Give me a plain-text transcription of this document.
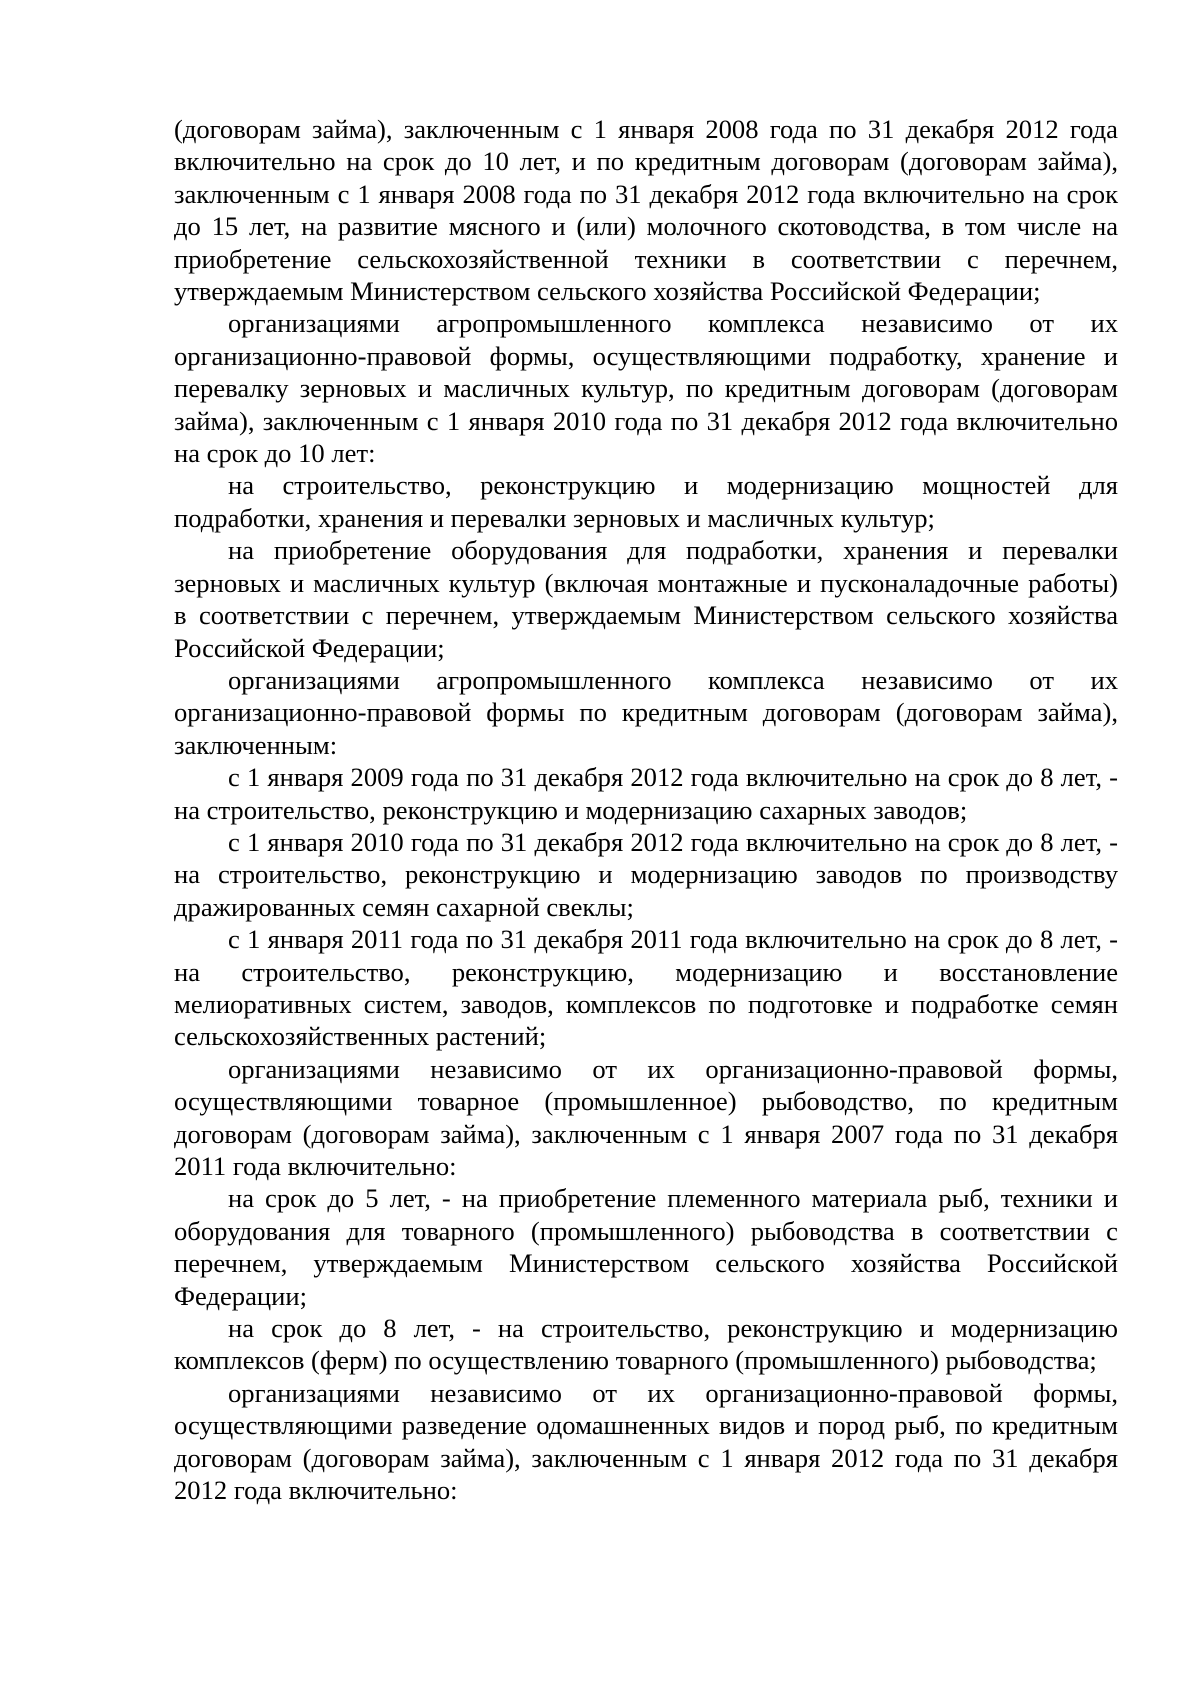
(договорам займа), заключенным с 1 января 2008 года по 31 декабря 2012 года включительно на срок до 10 лет, и по кредитным договорам (договорам займа), заключенным с 1 января 2008 года по 31 декабря 2012 года включительно на срок до 15 лет, на развитие мясного и (или) молочного скотоводства, в том числе на приобретение сельскохозяйственной техники в соответствии с перечнем, утверждаемым Министерством сельского хозяйства Российской Федерации;

организациями агропромышленного комплекса независимо от их организационно-правовой формы, осуществляющими подработку, хранение и перевалку зерновых и масличных культур, по кредитным договорам (договорам займа), заключенным с 1 января 2010 года по 31 декабря 2012 года включительно на срок до 10 лет:

на строительство, реконструкцию и модернизацию мощностей для подработки, хранения и перевалки зерновых и масличных культур;

на приобретение оборудования для подработки, хранения и перевалки зерновых и масличных культур (включая монтажные и пусконаладочные работы) в соответствии с перечнем, утверждаемым Министерством сельского хозяйства Российской Федерации;

организациями агропромышленного комплекса независимо от их организационно-правовой формы по кредитным договорам (договорам займа), заключенным:

с 1 января 2009 года по 31 декабря 2012 года включительно на срок до 8 лет, - на строительство, реконструкцию и модернизацию сахарных заводов;

с 1 января 2010 года по 31 декабря 2012 года включительно на срок до 8 лет, - на строительство, реконструкцию и модернизацию заводов по производству дражированных семян сахарной свеклы;

с 1 января 2011 года по 31 декабря 2011 года включительно на срок до 8 лет, - на строительство, реконструкцию, модернизацию и восстановление мелиоративных систем, заводов, комплексов по подготовке и подработке семян сельскохозяйственных растений;

организациями независимо от их организационно-правовой формы, осуществляющими товарное (промышленное) рыбоводство, по кредитным договорам (договорам займа), заключенным с 1 января 2007 года по 31 декабря 2011 года включительно:

на срок до 5 лет, - на приобретение племенного материала рыб, техники и оборудования для товарного (промышленного) рыбоводства в соответствии с перечнем, утверждаемым Министерством сельского хозяйства Российской Федерации;

на срок до 8 лет, - на строительство, реконструкцию и модернизацию комплексов (ферм) по осуществлению товарного (промышленного) рыбоводства;

организациями независимо от их организационно-правовой формы, осуществляющими разведение одомашненных видов и пород рыб, по кредитным договорам (договорам займа), заключенным с 1 января 2012 года по 31 декабря 2012 года включительно:
